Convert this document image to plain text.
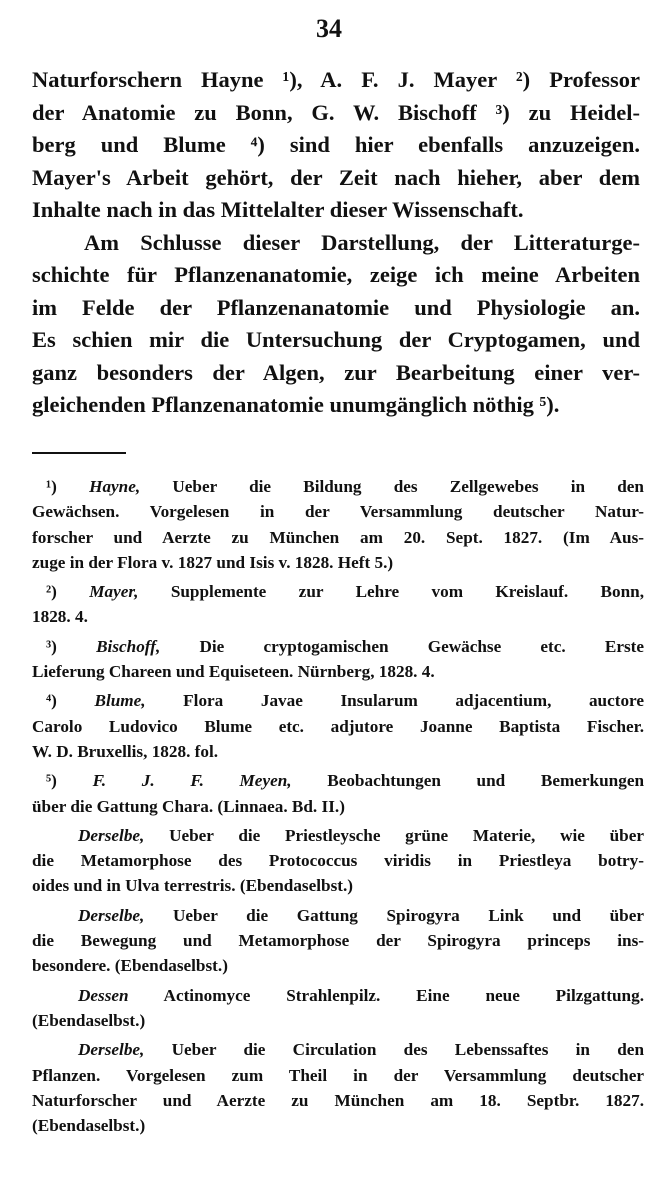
34
Naturforschern Hayne ¹), A. F. J. Mayer ²) Professor
der Anatomie zu Bonn, G. W. Bischoff ³) zu Heidel-
berg und Blume ⁴) sind hier ebenfalls anzuzeigen.
Mayer's Arbeit gehört, der Zeit nach hieher, aber dem
Inhalte nach in das Mittelalter dieser Wissenschaft.
Am Schlusse dieser Darstellung, der Litteraturge-
schichte für Pflanzenanatomie, zeige ich meine Arbeiten
im Felde der Pflanzenanatomie und Physiologie an.
Es schien mir die Untersuchung der Cryptogamen, und
ganz besonders der Algen, zur Bearbeitung einer ver-
gleichenden Pflanzenanatomie unumgänglich nöthig ⁵).
¹) Hayne, Ueber die Bildung des Zellgewebes in den
Gewächsen. Vorgelesen in der Versammlung deutscher Natur-
forscher und Aerzte zu München am 20. Sept. 1827. (Im Aus-
zuge in der Flora v. 1827 und Isis v. 1828. Heft 5.)
²) Mayer, Supplemente zur Lehre vom Kreislauf. Bonn,
1828. 4.
³) Bischoff, Die cryptogamischen Gewächse etc. Erste
Lieferung Chareen und Equiseteen. Nürnberg, 1828. 4.
⁴) Blume, Flora Javae Insularum adjacentium, auctore
Carolo Ludovico Blume etc. adjutore Joanne Baptista Fischer.
W. D. Bruxellis, 1828. fol.
⁵) F. J. F. Meyen, Beobachtungen und Bemerkungen
über die Gattung Chara. (Linnaea. Bd. II.)
Derselbe, Ueber die Priestleysche grüne Materie, wie über
die Metamorphose des Protococcus viridis in Priestleya botry-
oides und in Ulva terrestris. (Ebendaselbst.)
Derselbe, Ueber die Gattung Spirogyra Link und über
die Bewegung und Metamorphose der Spirogyra princeps ins-
besondere. (Ebendaselbst.)
Dessen Actinomyce Strahlenpilz. Eine neue Pilzgattung.
(Ebendaselbst.)
Derselbe, Ueber die Circulation des Lebenssaftes in den
Pflanzen. Vorgelesen zum Theil in der Versammlung deutscher
Naturforscher und Aerzte zu München am 18. Septbr. 1827.
(Ebendaselbst.)
